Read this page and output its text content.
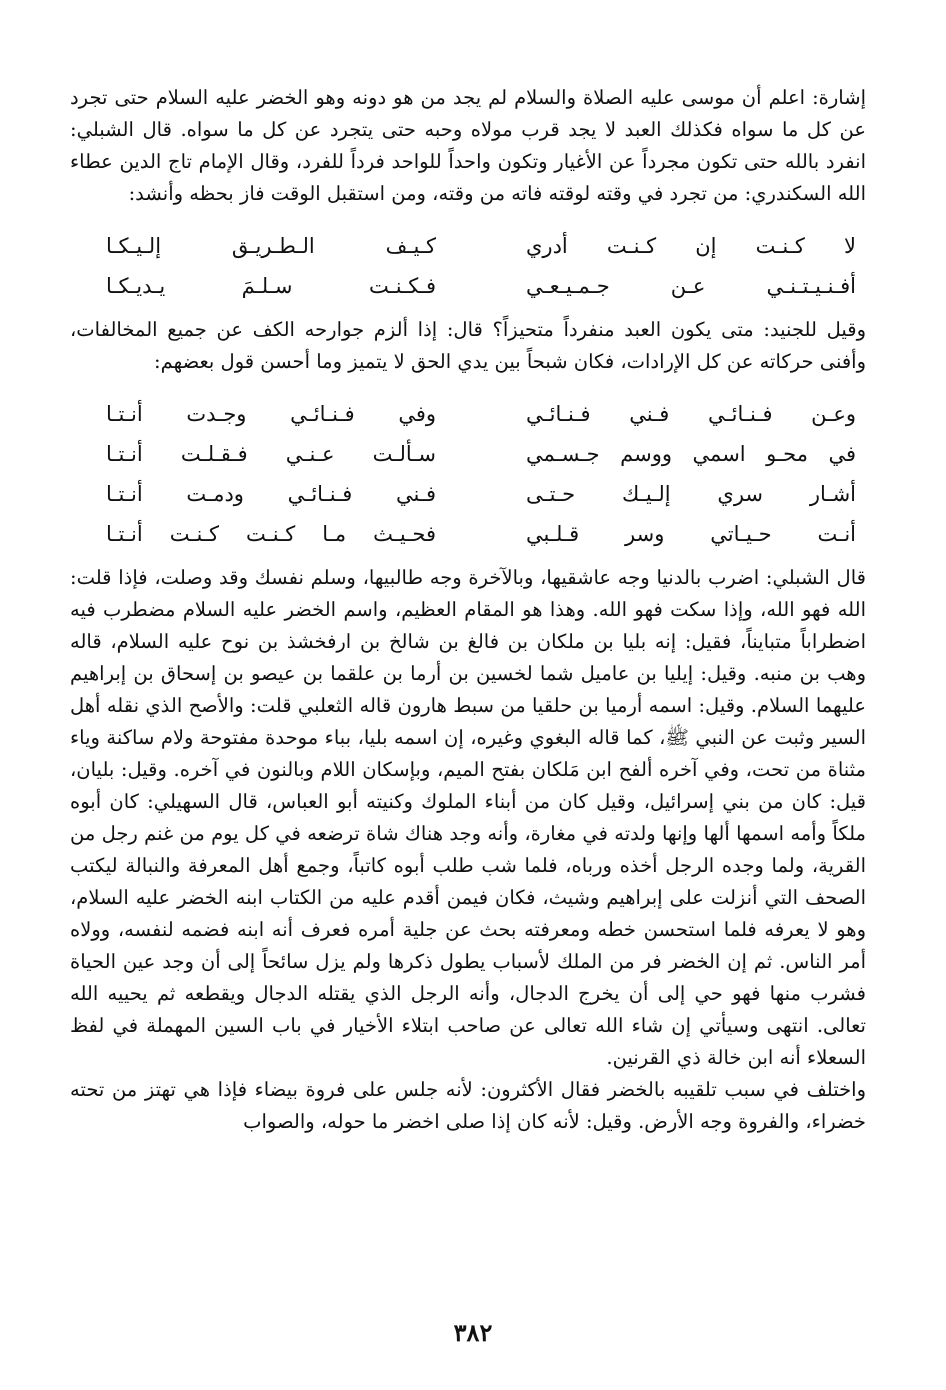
إشارة: اعلم أن موسى عليه الصلاة والسلام لم يجد من هو دونه وهو الخضر عليه السلام حتى تجرد عن كل ما سواه فكذلك العبد لا يجد قرب مولاه وحبه حتى يتجرد عن كل ما سواه. قال الشبلي: انفرد بالله حتى تكون مجرداً عن الأغيار وتكون واحداً للواحد فرداً للفرد، وقال الإمام تاج الدين عطاء الله السكندري: من تجرد في وقته لوقته فاته من وقته، ومن استقبل الوقت فاز بحظه وأنشد:

لا كـنـت إن كـنـت أدري
كـيـف الـطـريـق إلـيـكـا
أفـنـيـتـنـي عـن جـمـيـعـي
فـكـنـت سـلـمَ يـديـكـا

وقيل للجنيد: متى يكون العبد منفرداً متحيزاً؟ قال: إذا ألزم جوارحه الكف عن جميع المخالفات، وأفنى حركاته عن كل الإرادات، فكان شبحاً بين يدي الحق لا يتميز وما أحسن قول بعضهم:

وعـن فـنـائـي فـني فـنـائـي
وفي فـنـائـي وجـدت أنـتـا
في محـو اسمي ووسم جـسـمي
سـألـت عـنـي فـقـلـت أنـتـا
أشـار سري إلـيـك حـتـى
فـني فـنـائـي ودمـت أنـتـا
أنـت حـيـاتي وسر قـلـبي
فحـيـث مـا كـنـت كـنـت أنـتـا

قال الشبلي: اضرب بالدنيا وجه عاشقيها، وبالآخرة وجه طالبيها، وسلم نفسك وقد وصلت، فإذا قلت: الله فهو الله، وإذا سكت فهو الله. وهذا هو المقام العظيم، واسم الخضر عليه السلام مضطرب فيه اضطراباً متبايناً، فقيل: إنه بليا بن ملكان بن فالغ بن شالخ بن ارفخشذ بن نوح عليه السلام، قاله وهب بن منبه. وقيل: إيليا بن عاميل شما لخسين بن أرما بن علقما بن عيصو بن إسحاق بن إبراهيم عليهما السلام. وقيل: اسمه أرميا بن حلقيا من سبط هارون قاله الثعلبي قلت: والأصح الذي نقله أهل السير وثبت عن النبي ﷺ، كما قاله البغوي وغيره، إن اسمه بليا، بباء موحدة مفتوحة ولام ساكنة وياء مثناة من تحت، وفي آخره ألفح ابن مَلكان بفتح الميم، وبإسكان اللام وبالنون في آخره. وقيل: بليان، قيل: كان من بني إسرائيل، وقيل كان من أبناء الملوك وكنيته أبو العباس، قال السهيلي: كان أبوه ملكاً وأمه اسمها ألها وإنها ولدته في مغارة، وأنه وجد هناك شاة ترضعه في كل يوم من غنم رجل من القرية، ولما وجده الرجل أخذه ورباه، فلما شب طلب أبوه كاتباً، وجمع أهل المعرفة والنبالة ليكتب الصحف التي أنزلت على إبراهيم وشيث، فكان فيمن أقدم عليه من الكتاب ابنه الخضر عليه السلام، وهو لا يعرفه فلما استحسن خطه ومعرفته بحث عن جلية أمره فعرف أنه ابنه فضمه لنفسه، وولاه أمر الناس. ثم إن الخضر فر من الملك لأسباب يطول ذكرها ولم يزل سائحاً إلى أن وجد عين الحياة فشرب منها فهو حي إلى أن يخرج الدجال، وأنه الرجل الذي يقتله الدجال ويقطعه ثم يحييه الله تعالى. انتهى وسيأتي إن شاء الله تعالى عن صاحب ابتلاء الأخيار في باب السين المهملة في لفظ السعلاء أنه ابن خالة ذي القرنين.

واختلف في سبب تلقيبه بالخضر فقال الأكثرون: لأنه جلس على فروة بيضاء فإذا هي تهتز من تحته خضراء، والفروة وجه الأرض. وقيل: لأنه كان إذا صلى اخضر ما حوله، والصواب

٣٨٢
